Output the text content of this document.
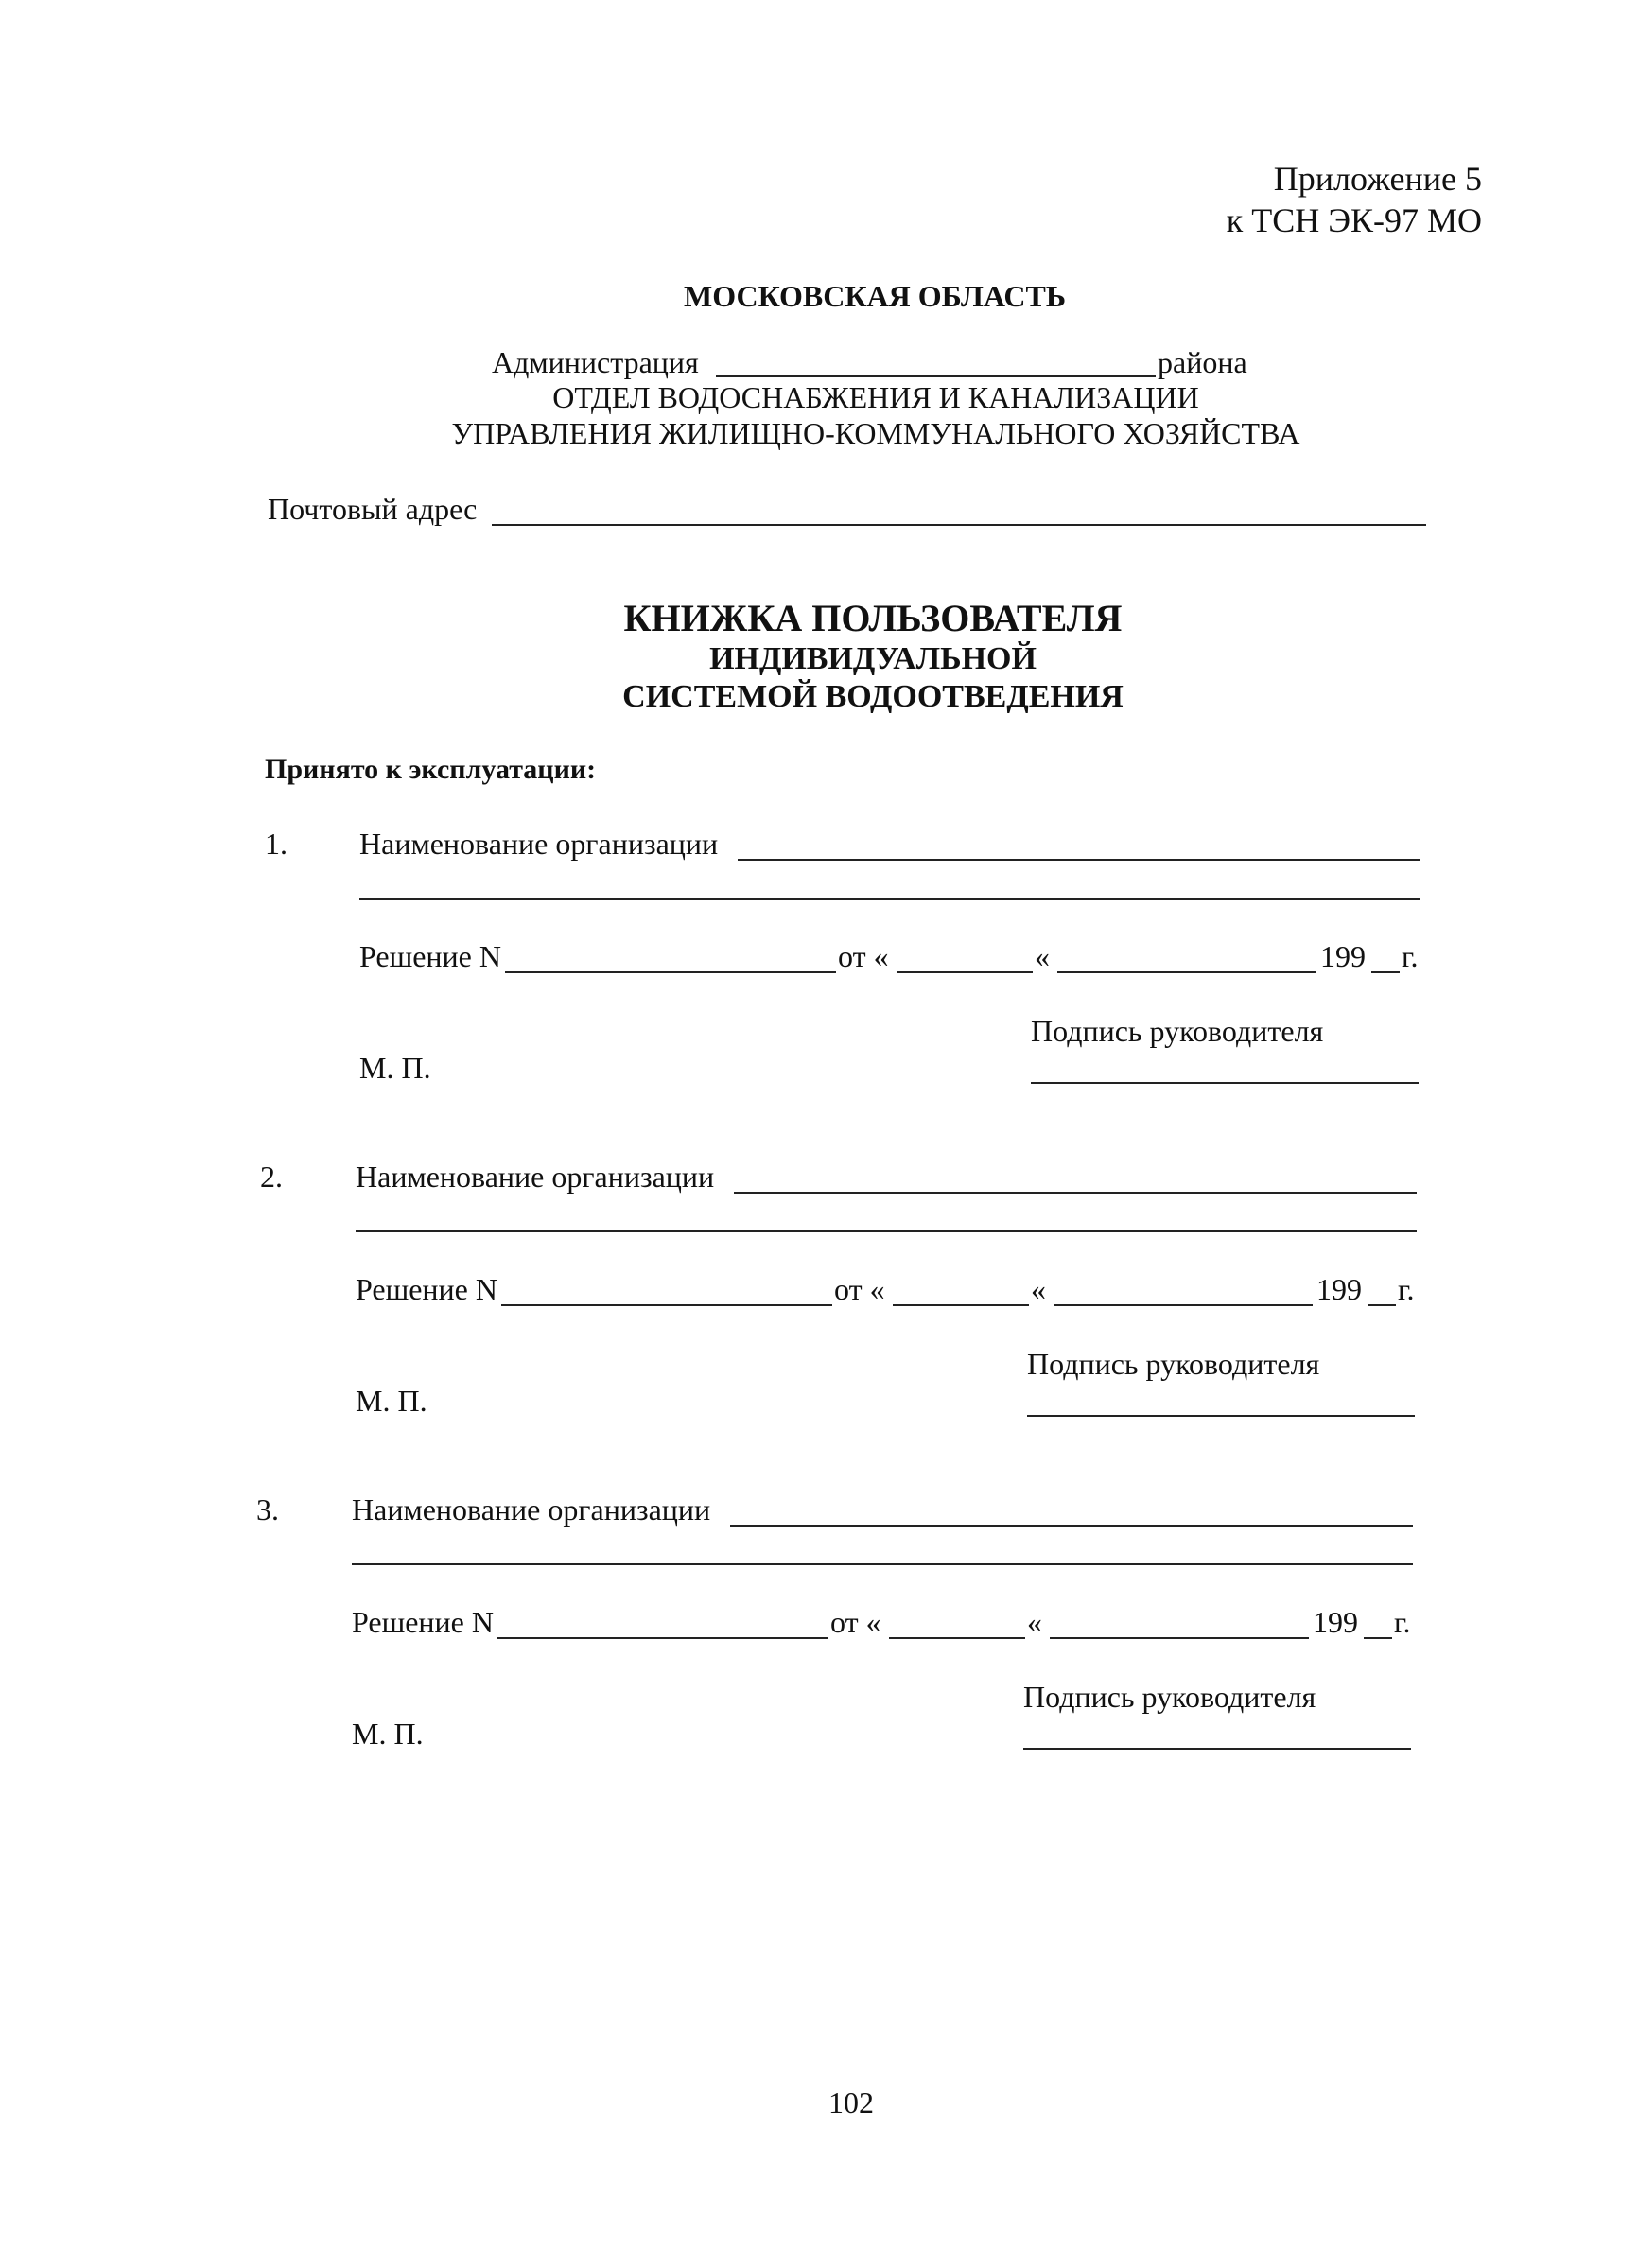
Приложение 5
к ТСН ЭК-97 МО
МОСКОВСКАЯ ОБЛАСТЬ
Администрация	района
ОТДЕЛ ВОДОСНАБЖЕНИЯ И КАНАЛИЗАЦИИ
УПРАВЛЕНИЯ ЖИЛИЩНО-КОММУНАЛЬНОГО ХОЗЯЙСТВА
Почтовый адрес
КНИЖКА ПОЛЬЗОВАТЕЛЯ
ИНДИВИДУАЛЬНОЙ
СИСТЕМОЙ ВОДООТВЕДЕНИЯ
Принято к эксплуатации:
1. Наименование организации
Решение N	от «	«	199 г.
Подпись руководителя
М. П.
2. Наименование организации
Решение N	от «	«	199 г.
Подпись руководителя
М. П.
3. Наименование организации
Решение N	от «	«	199 г.
Подпись руководителя
М. П.
102
